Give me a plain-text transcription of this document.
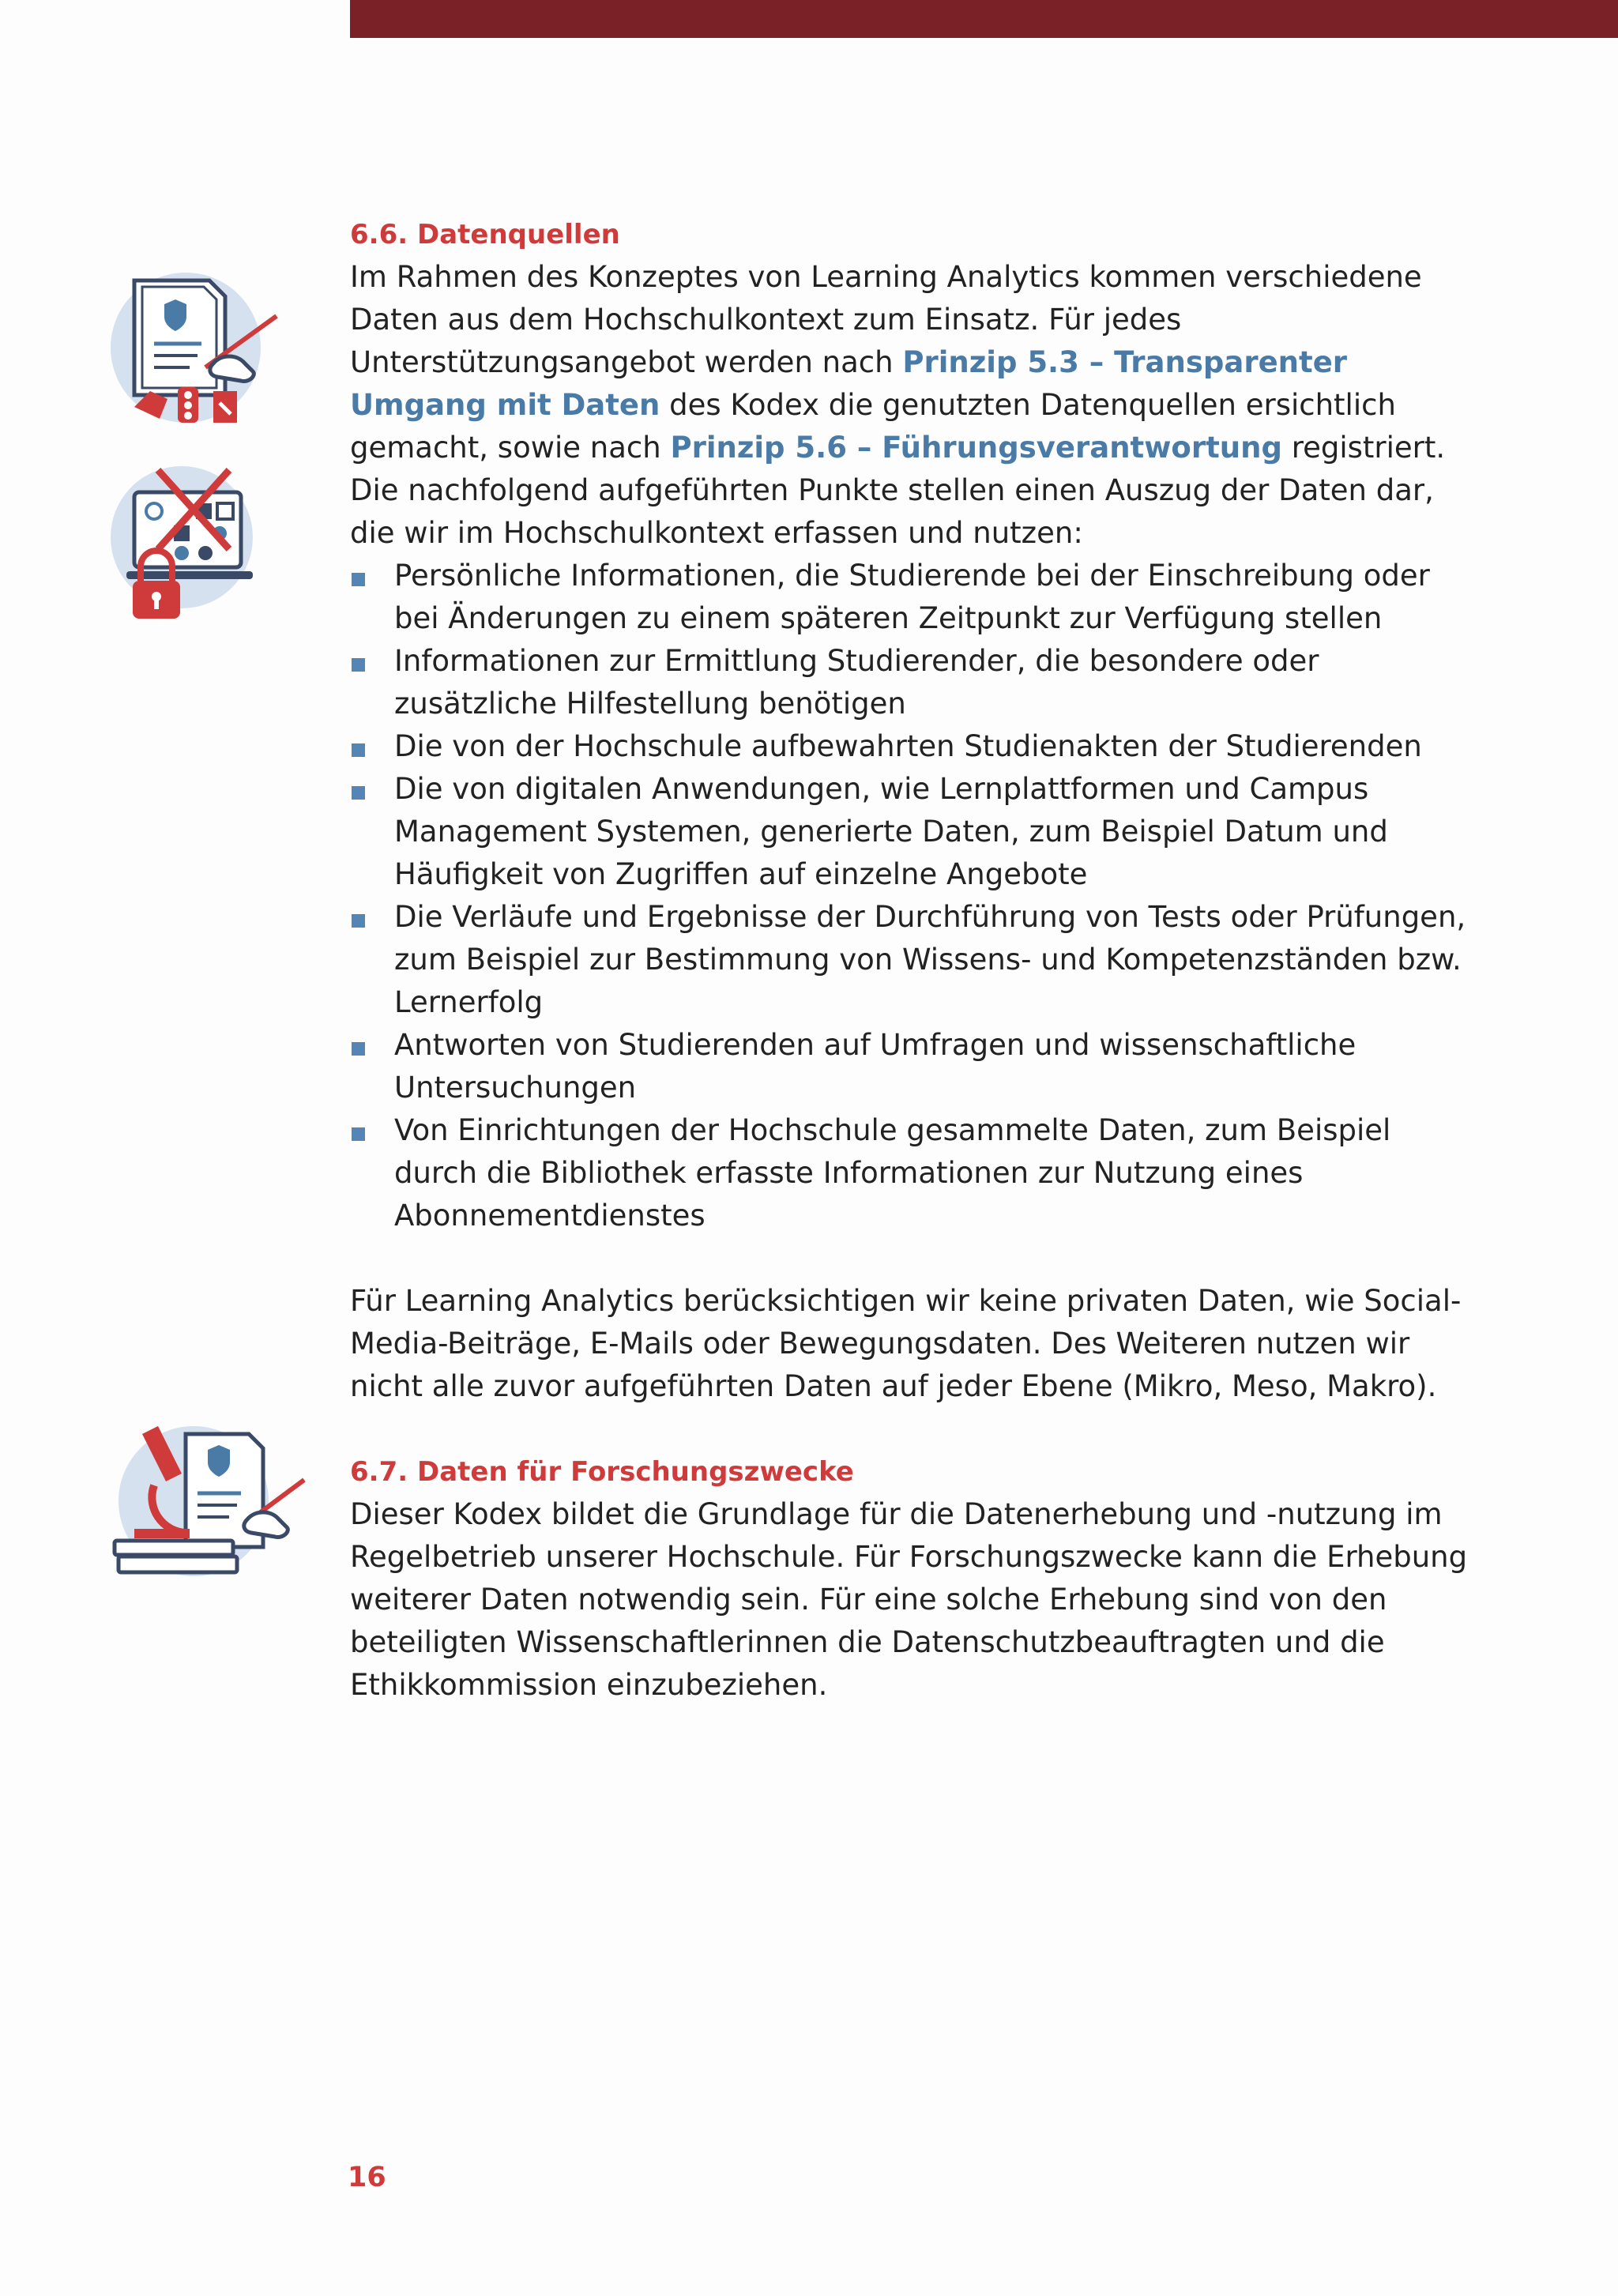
6.6. Datenquellen

Im Rahmen des Konzeptes von Learning Analytics kommen verschiedene Daten aus dem Hochschulkontext zum Einsatz. Für jedes Unterstützungsangebot werden nach Prinzip 5.3 – Transparenter Umgang mit Daten des Kodex die genutzten Datenquellen ersichtlich gemacht, sowie nach Prinzip 5.6 – Führungsverantwortung registriert. Die nachfolgend aufgeführten Punkte stellen einen Auszug der Daten dar, die wir im Hochschulkontext erfassen und nutzen:

Persönliche Informationen, die Studierende bei der Einschreibung oder bei Änderungen zu einem späteren Zeitpunkt zur Verfügung stellen
Informationen zur Ermittlung Studierender, die besondere oder zusätzliche Hilfestellung benötigen
Die von der Hochschule aufbewahrten Studienakten der Studierenden
Die von digitalen Anwendungen, wie Lernplattformen und Campus Management Systemen, generierte Daten, zum Beispiel Datum und Häufigkeit von Zugriffen auf einzelne Angebote
Die Verläufe und Ergebnisse der Durchführung von Tests oder Prüfungen, zum Beispiel zur Bestimmung von Wissens- und Kompetenzständen bzw. Lernerfolg
Antworten von Studierenden auf Umfragen und wissenschaftliche Untersuchungen
Von Einrichtungen der Hochschule gesammelte Daten, zum Beispiel durch die Bibliothek erfasste Informationen zur Nutzung eines Abonnementdienstes

Für Learning Analytics berücksichtigen wir keine privaten Daten, wie Social-Media-Beiträge, E-Mails oder Bewegungsdaten. Des Weiteren nutzen wir nicht alle zuvor aufgeführten Daten auf jeder Ebene (Mikro, Meso, Makro).

6.7. Daten für Forschungszwecke

Dieser Kodex bildet die Grundlage für die Datenerhebung und -nutzung im Regelbetrieb unserer Hochschule. Für Forschungszwecke kann die Erhebung weiterer Daten notwendig sein. Für eine solche Erhebung sind von den beteiligten Wissenschaftlerinnen die Datenschutzbeauftragten und die Ethikkommission einzubeziehen.

16
